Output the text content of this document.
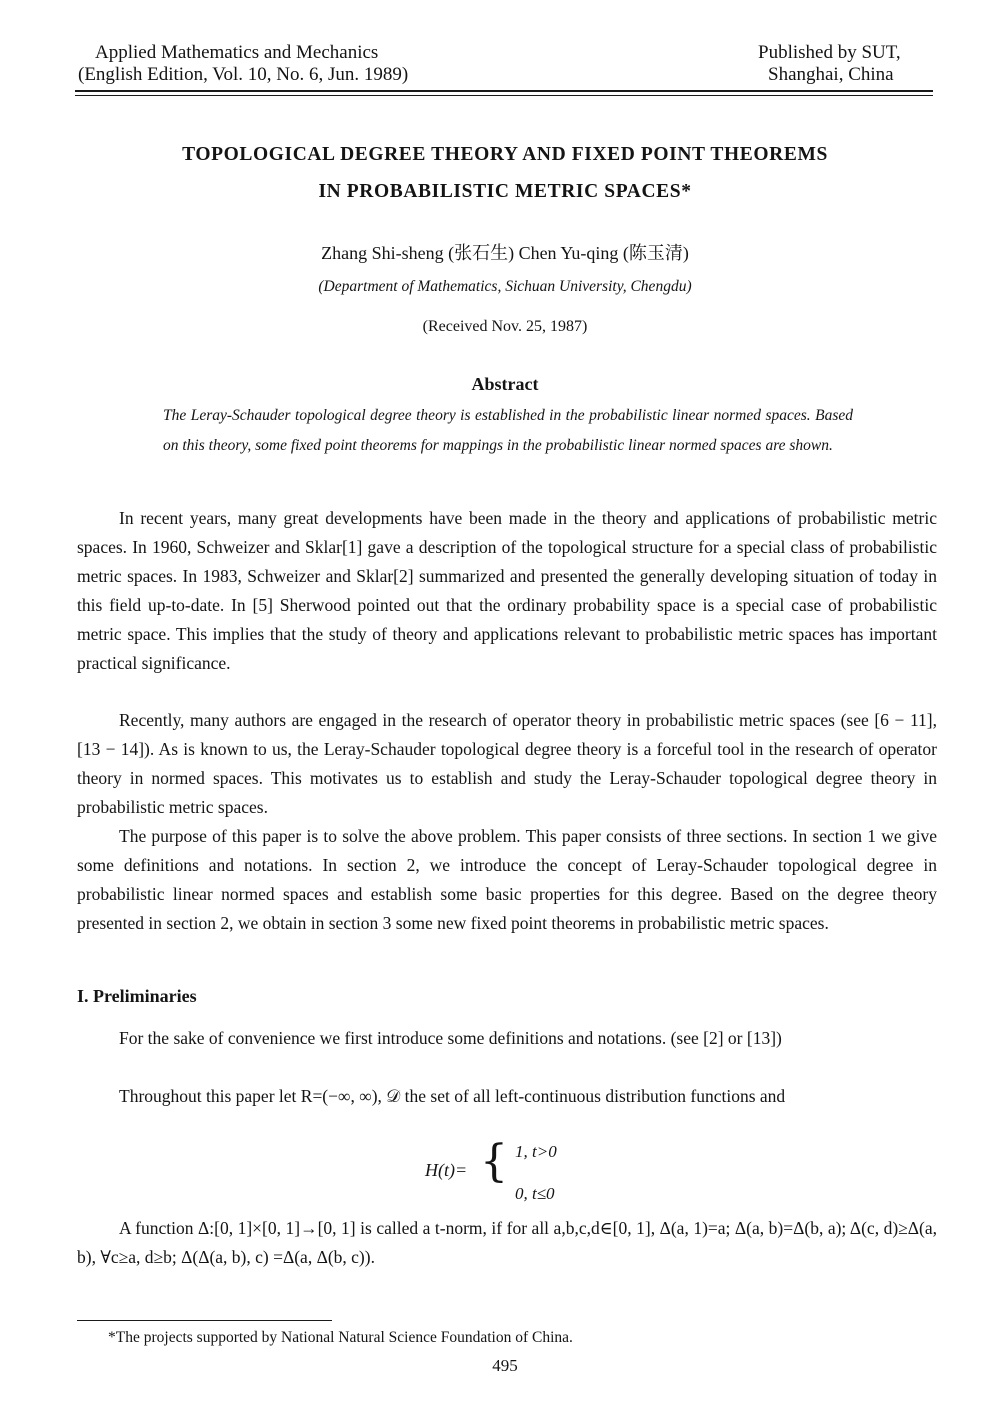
Applied Mathematics and Mechanics
(English Edition, Vol. 10, No. 6, Jun. 1989)
Published by SUT,
Shanghai, China
TOPOLOGICAL DEGREE THEORY AND FIXED POINT THEOREMS
IN PROBABILISTIC METRIC SPACES*
Zhang Shi-sheng (张石生) Chen Yu-qing (陈玉清)
(Department of Mathematics, Sichuan University, Chengdu)
(Received Nov. 25, 1987)
Abstract
The Leray-Schauder topological degree theory is established in the probabilistic linear normed spaces. Based on this theory, some fixed point theorems for mappings in the probabilistic linear normed spaces are shown.
In recent years, many great developments have been made in the theory and applications of probabilistic metric spaces. In 1960, Schweizer and Sklar[1] gave a description of the topological structure for a special class of probabilistic metric spaces. In 1983, Schweizer and Sklar[2] summarized and presented the generally developing situation of today in this field up-to-date. In [5] Sherwood pointed out that the ordinary probability space is a special case of probabilistic metric space. This implies that the study of theory and applications relevant to probabilistic metric spaces has important practical significance.
Recently, many authors are engaged in the research of operator theory in probabilistic metric spaces (see [6 − 11], [13 − 14]). As is known to us, the Leray-Schauder topological degree theory is a forceful tool in the research of operator theory in normed spaces. This motivates us to establish and study the Leray-Schauder topological degree theory in probabilistic metric spaces.
The purpose of this paper is to solve the above problem. This paper consists of three sections. In section 1 we give some definitions and notations. In section 2, we introduce the concept of Leray-Schauder topological degree in probabilistic linear normed spaces and establish some basic properties for this degree. Based on the degree theory presented in section 2, we obtain in section 3 some new fixed point theorems in probabilistic metric spaces.
I. Preliminaries
For the sake of convenience we first introduce some definitions and notations. (see [2] or [13])
Throughout this paper let R=(−∞, ∞), 𝒟 the set of all left-continuous distribution functions and
H(t)= { 1, t>0
0, t≤0
A function Δ:[0, 1]×[0, 1]→[0, 1] is called a t-norm, if for all a,b,c,d∈[0, 1], Δ(a, 1)=a; Δ(a, b)=Δ(b, a); Δ(c, d)≥Δ(a, b), ∀c≥a, d≥b; Δ(Δ(a, b), c) =Δ(a, Δ(b, c)).
*The projects supported by National Natural Science Foundation of China.
495
